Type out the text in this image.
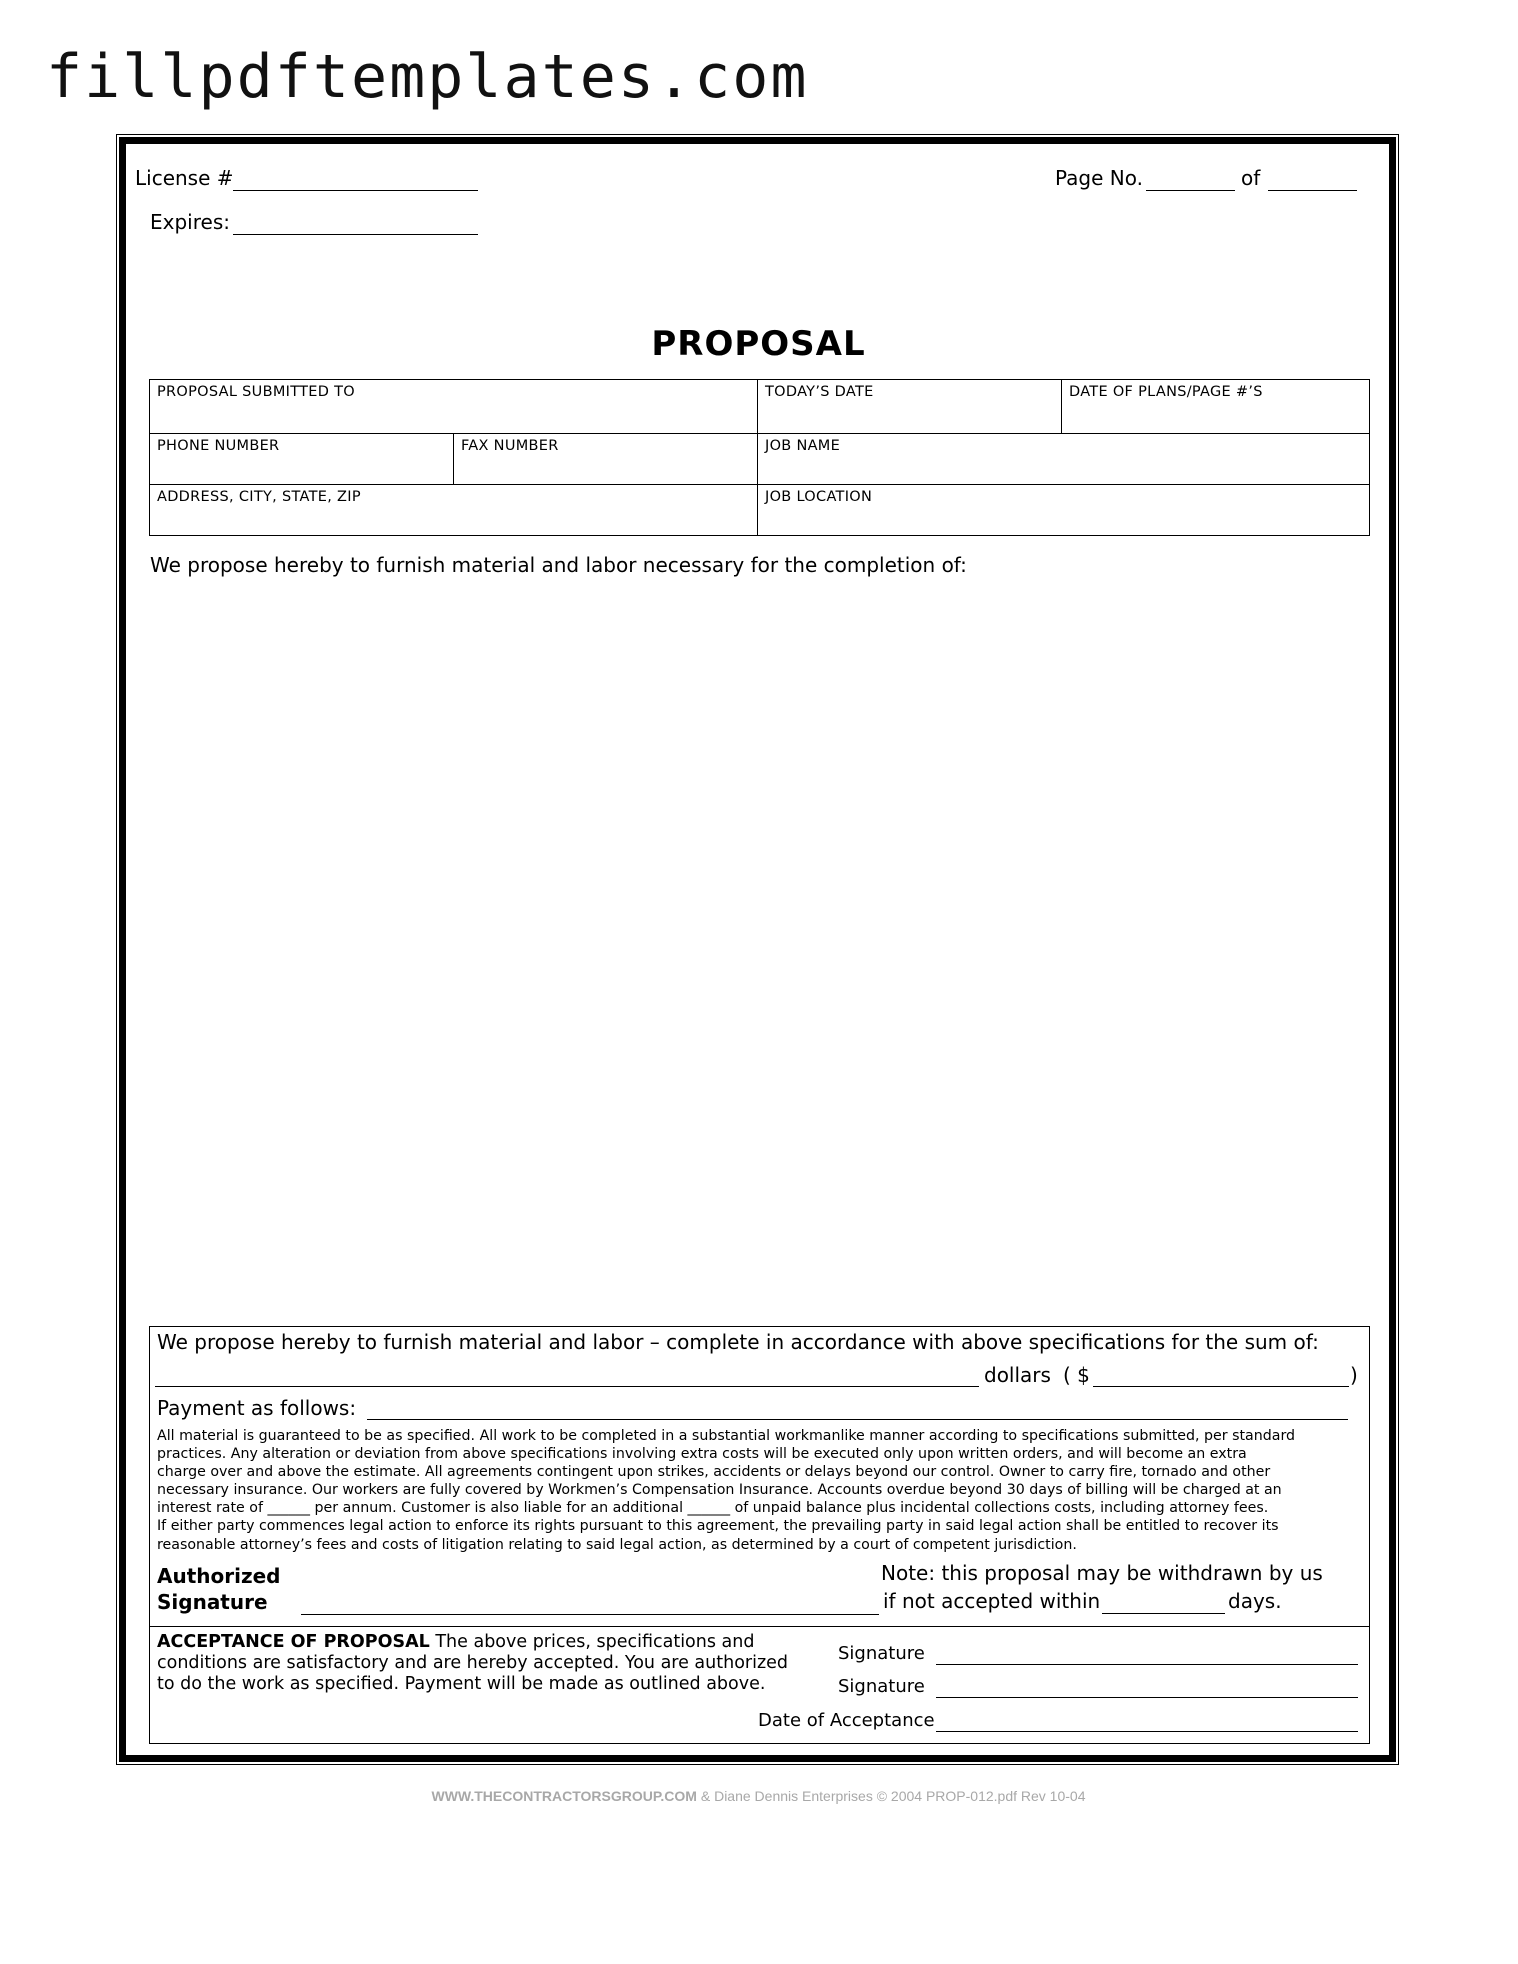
fillpdftemplates.com
License #
Expires:
Page No.	of
PROPOSAL
PROPOSAL SUBMITTED TO	TODAY’S DATE	DATE OF PLANS/PAGE #’S
PHONE NUMBER	FAX NUMBER	JOB NAME
ADDRESS, CITY, STATE, ZIP	JOB LOCATION
We propose hereby to furnish material and labor necessary for the completion of:
We propose hereby to furnish material and labor – complete in accordance with above specifications for the sum of:
dollars ( $	)
Payment as follows:
All material is guaranteed to be as specified. All work to be completed in a substantial workmanlike manner according to specifications submitted, per standard
practices. Any alteration or deviation from above specifications involving extra costs will be executed only upon written orders, and will become an extra
charge over and above the estimate. All agreements contingent upon strikes, accidents or delays beyond our control. Owner to carry fire, tornado and other
necessary insurance. Our workers are fully covered by Workmen’s Compensation Insurance. Accounts overdue beyond 30 days of billing will be charged at an
interest rate of ______ per annum. Customer is also liable for an additional ______ of unpaid balance plus incidental collections costs, including attorney fees.
If either party commences legal action to enforce its rights pursuant to this agreement, the prevailing party in said legal action shall be entitled to recover its
reasonable attorney’s fees and costs of litigation relating to said legal action, as determined by a court of competent jurisdiction.
Authorized
Signature
Note: this proposal may be withdrawn by us
if not accepted within	days.
ACCEPTANCE OF PROPOSAL The above prices, specifications and
conditions are satisfactory and are hereby accepted. You are authorized
to do the work as specified. Payment will be made as outlined above.
Signature
Signature
Date of Acceptance
WWW.THECONTRACTORSGROUP.COM & Diane Dennis Enterprises © 2004 PROP-012.pdf Rev 10-04
